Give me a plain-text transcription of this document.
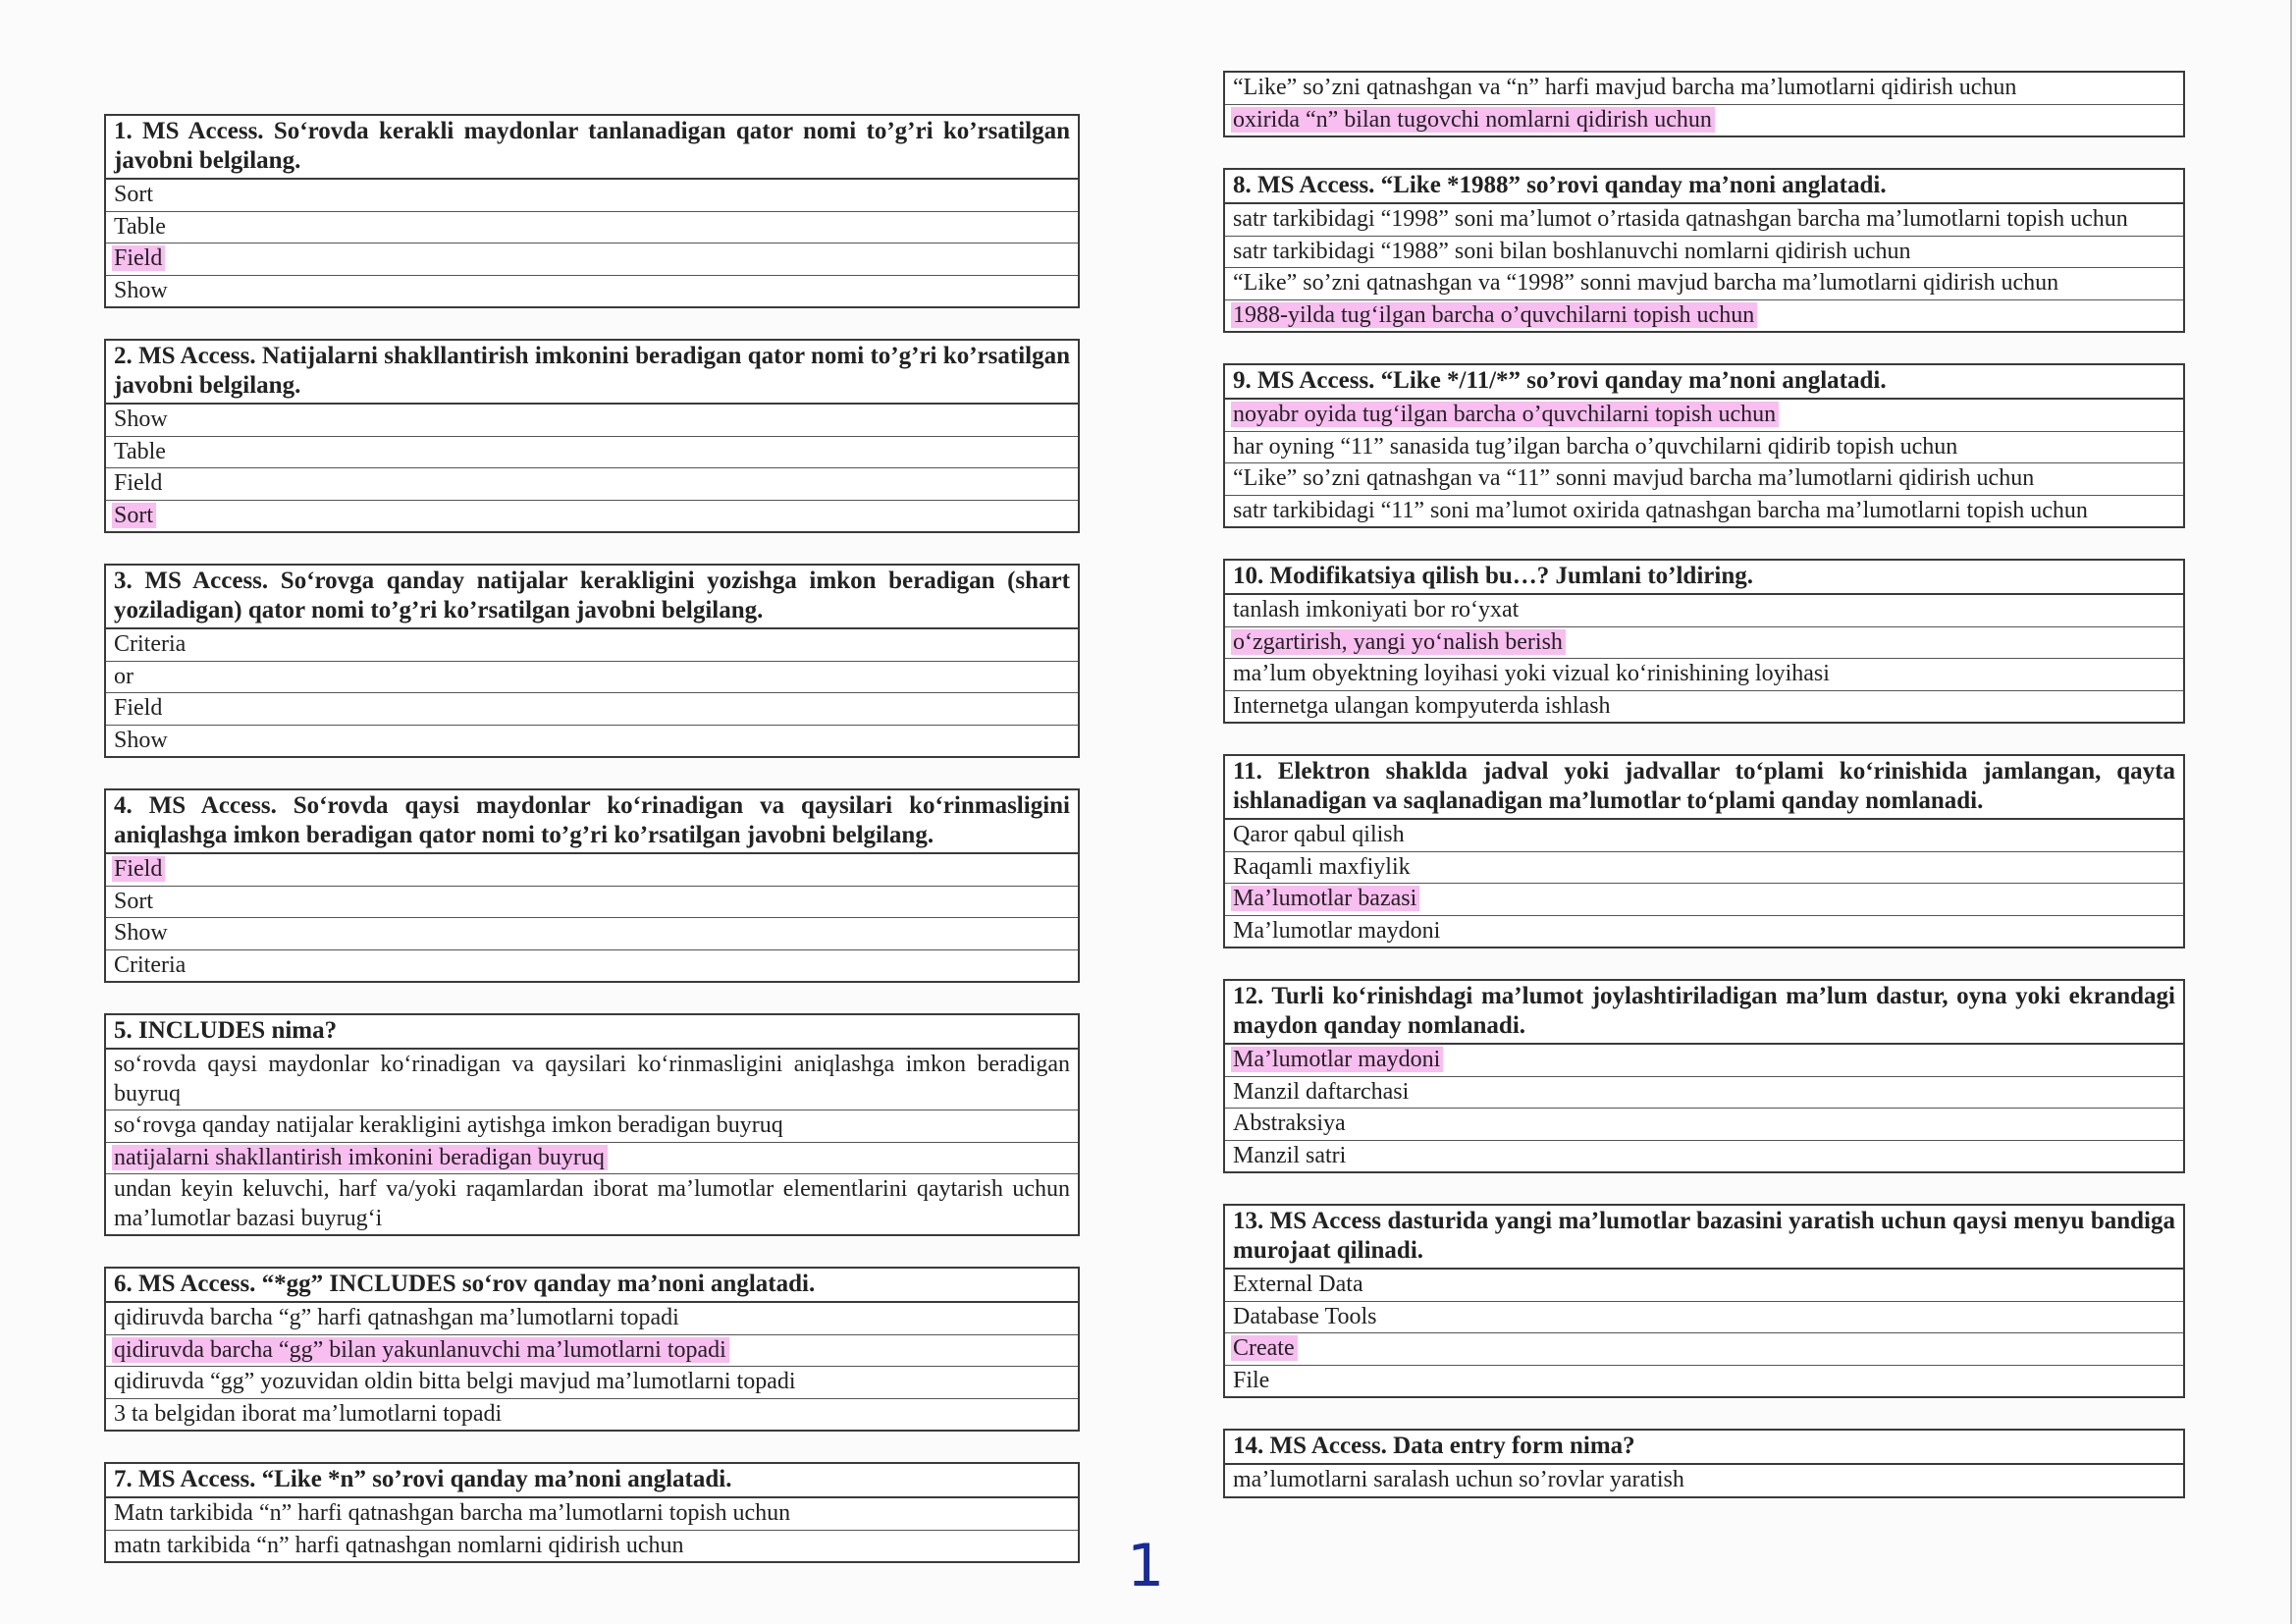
1. MS Access. So‘rovda kerakli maydonlar tanlanadigan qator nomi to’g’ri ko’rsatilgan javobni belgilang.
Sort
Table
Field
Show
2. MS Access. Natijalarni shakllantirish imkonini beradigan qator nomi to’g’ri ko’rsatilgan javobni belgilang.
Show
Table
Field
Sort
3. MS Access. So‘rovga qanday natijalar kerakligini yozishga imkon beradigan (shart yoziladigan) qator nomi to’g’ri ko’rsatilgan javobni belgilang.
Criteria
or
Field
Show
4. MS Access. So‘rovda qaysi maydonlar ko‘rinadigan va qaysilari ko‘rinmasligini aniqlashga imkon beradigan qator nomi to’g’ri ko’rsatilgan javobni belgilang.
Field
Sort
Show
Criteria
5. INCLUDES nima?
so‘rovda qaysi maydonlar ko‘rinadigan va qaysilari ko‘rinmasligini aniqlashga imkon beradigan buyruq
so‘rovga qanday natijalar kerakligini aytishga imkon beradigan buyruq
natijalarni shakllantirish imkonini beradigan buyruq
undan keyin keluvchi, harf va/yoki raqamlardan iborat ma’lumotlar elementlarini qaytarish uchun ma’lumotlar bazasi buyrug‘i
6. MS Access. “*gg” INCLUDES so‘rov qanday ma’noni anglatadi.
qidiruvda barcha “g” harfi qatnashgan ma’lumotlarni topadi
qidiruvda barcha “gg” bilan yakunlanuvchi ma’lumotlarni topadi
qidiruvda “gg” yozuvidan oldin bitta belgi mavjud ma’lumotlarni topadi
3 ta belgidan iborat ma’lumotlarni topadi
7. MS Access. “Like *n” so’rovi qanday ma’noni anglatadi.
Matn tarkibida “n” harfi qatnashgan barcha ma’lumotlarni topish uchun
matn tarkibida “n” harfi qatnashgan nomlarni qidirish uchun
“Like” so’zni qatnashgan va “n” harfi mavjud barcha ma’lumotlarni qidirish uchun
oxirida “n” bilan tugovchi nomlarni qidirish uchun
8. MS Access. “Like *1988” so’rovi qanday ma’noni anglatadi.
satr tarkibidagi “1998” soni ma’lumot o’rtasida qatnashgan barcha ma’lumotlarni topish uchun
satr tarkibidagi “1988” soni bilan boshlanuvchi nomlarni qidirish uchun
“Like” so’zni qatnashgan va “1998” sonni mavjud barcha ma’lumotlarni qidirish uchun
1988-yilda tug‘ilgan barcha o’quvchilarni topish uchun
9. MS Access. “Like */11/*” so’rovi qanday ma’noni anglatadi.
noyabr oyida tug‘ilgan barcha o’quvchilarni topish uchun
har oyning “11” sanasida tug’ilgan barcha o’quvchilarni qidirib topish uchun
“Like” so’zni qatnashgan va “11” sonni mavjud barcha ma’lumotlarni qidirish uchun
satr tarkibidagi “11” soni ma’lumot oxirida qatnashgan barcha ma’lumotlarni topish uchun
10. Modifikatsiya qilish bu…? Jumlani to’ldiring.
tanlash imkoniyati bor ro‘yxat
o‘zgartirish, yangi yo‘nalish berish
ma’lum obyektning loyihasi yoki vizual ko‘rinishining loyihasi
Internetga ulangan kompyuterda ishlash
11. Elektron shaklda jadval yoki jadvallar to‘plami ko‘rinishida jamlangan, qayta ishlanadigan va saqlanadigan ma’lumotlar to‘plami qanday nomlanadi.
Qaror qabul qilish
Raqamli maxfiylik
Ma’lumotlar bazasi
Ma’lumotlar maydoni
12. Turli ko‘rinishdagi ma’lumot joylashtiriladigan ma’lum dastur, oyna yoki ekrandagi maydon qanday nomlanadi.
Ma’lumotlar maydoni
Manzil daftarchasi
Abstraksiya
Manzil satri
13. MS Access dasturida yangi ma’lumotlar bazasini yaratish uchun qaysi menyu bandiga murojaat qilinadi.
External Data
Database Tools
Create
File
14. MS Access. Data entry form nima?
ma’lumotlarni saralash uchun so’rovlar yaratish
1
